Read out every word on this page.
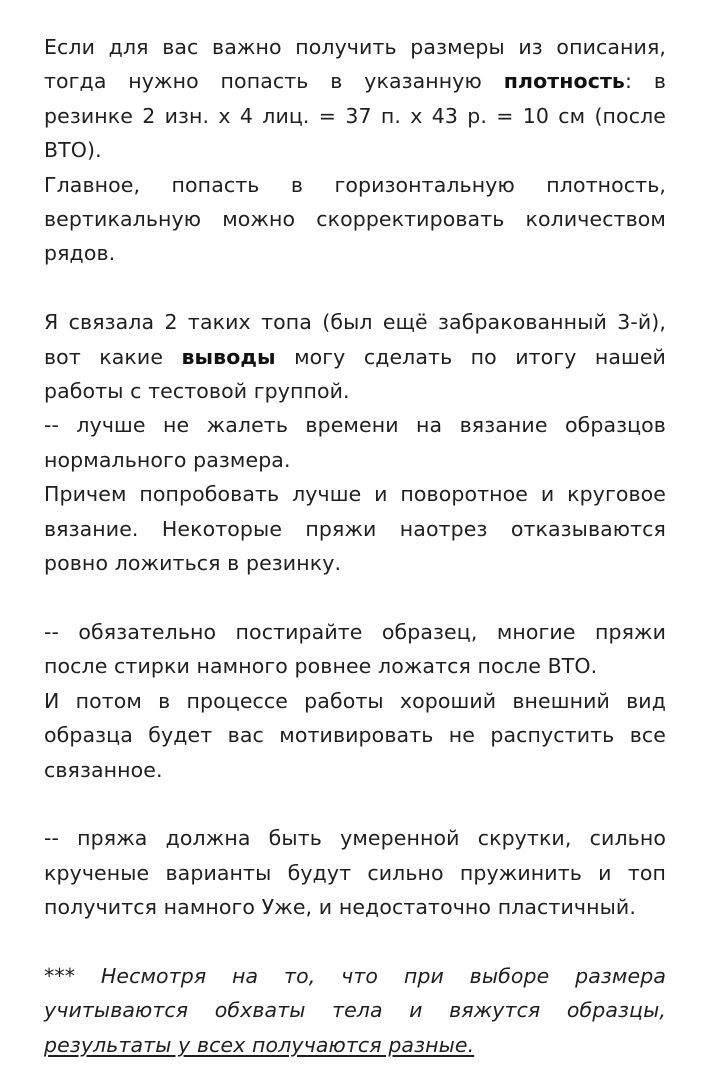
Если для вас важно получить размеры из описания, тогда нужно попасть в указанную плотность: в резинке 2 изн. х 4 лиц. = 37 п. х 43 р. = 10 см (после ВТО).

Главное, попасть в горизонтальную плотность, вертикальную можно скорректировать количеством рядов.

Я связала 2 таких топа (был ещё забракованный 3-й), вот какие выводы могу сделать по итогу нашей работы с тестовой группой.

-- лучше не жалеть времени на вязание образцов нормального размера.

Причем попробовать лучше и поворотное и круговое вязание. Некоторые пряжи наотрез отказываются ровно ложиться в резинку.

-- обязательно постирайте образец, многие пряжи после стирки намного ровнее ложатся после ВТО.

И потом в процессе работы хороший внешний вид образца будет вас мотивировать не распустить все связанное.

-- пряжа должна быть умеренной скрутки, сильно крученые варианты будут сильно пружинить и топ получится намного Уже, и недостаточно пластичный.

*** Несмотря на то, что при выборе размера учитываются обхваты тела и вяжутся образцы, результаты у всех получаются разные.
